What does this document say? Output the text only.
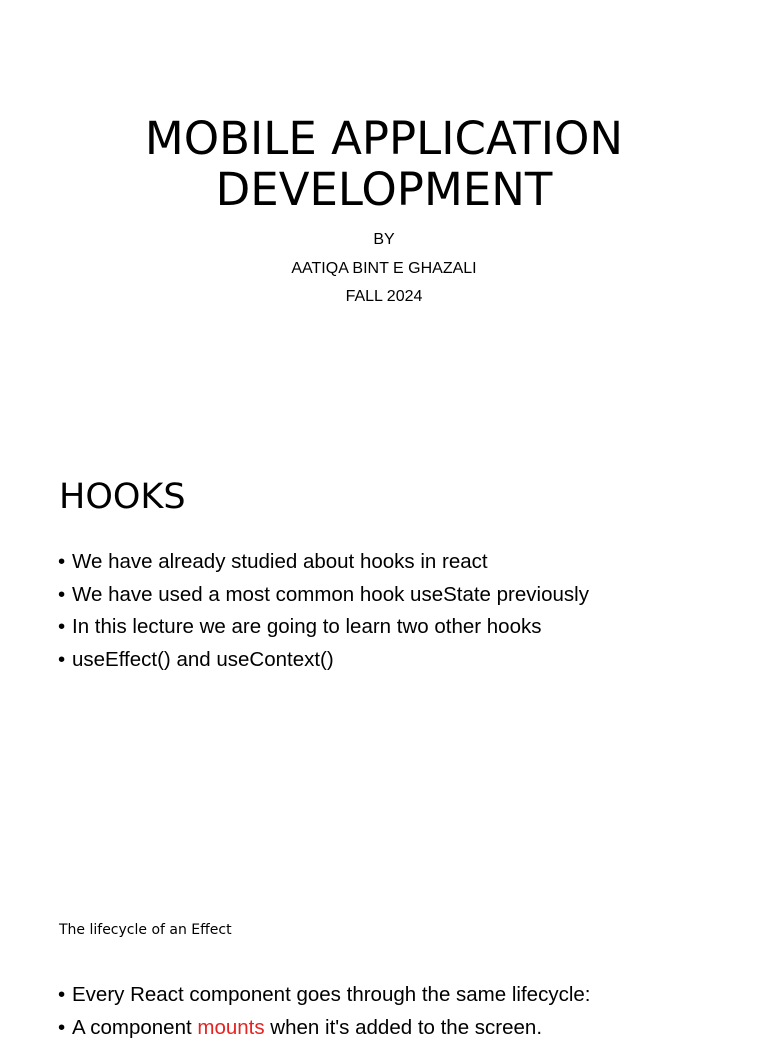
MOBILE APPLICATION
DEVELOPMENT

BY

AATIQA BINT E GHAZALI

FALL 2024

HOOKS
• We have already studied about hooks in react
• We have used a most common hook useState previously
• In this lecture we are going to learn two other hooks
• useEffect() and useContext()
The lifecycle of an Effect
• Every React component goes through the same lifecycle:
• A component mounts when it's added to the screen.
